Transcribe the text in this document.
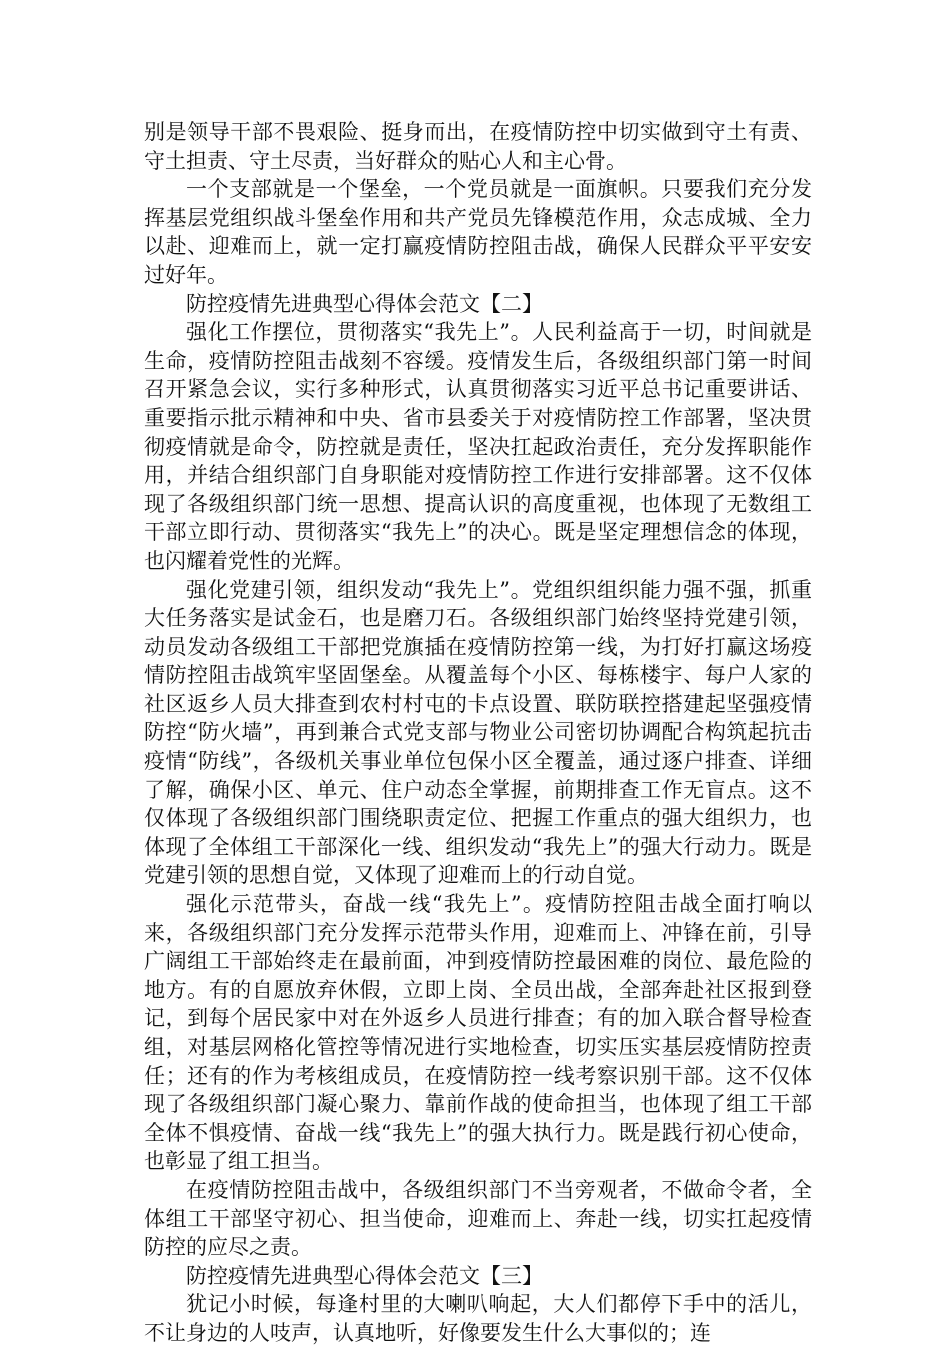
别是领导干部不畏艰险、挺身而出，在疫情防控中切实做到守土有责、守土担责、守土尽责，当好群众的贴心人和主心骨。

一个支部就是一个堡垒，一个党员就是一面旗帜。只要我们充分发挥基层党组织战斗堡垒作用和共产党员先锋模范作用，众志成城、全力以赴、迎难而上，就一定打赢疫情防控阻击战，确保人民群众平平安安过好年。

防控疫情先进典型心得体会范文【二】

强化工作摆位，贯彻落实“我先上”。人民利益高于一切，时间就是生命，疫情防控阻击战刻不容缓。疫情发生后，各级组织部门第一时间召开紧急会议，实行多种形式，认真贯彻落实习近平总书记重要讲话、重要指示批示精神和中央、省市县委关于对疫情防控工作部署，坚决贯彻疫情就是命令，防控就是责任，坚决扛起政治责任，充分发挥职能作用，并结合组织部门自身职能对疫情防控工作进行安排部署。这不仅体现了各级组织部门统一思想、提高认识的高度重视，也体现了无数组工干部立即行动、贯彻落实“我先上”的决心。既是坚定理想信念的体现，也闪耀着党性的光辉。

强化党建引领，组织发动“我先上”。党组织组织能力强不强，抓重大任务落实是试金石，也是磨刀石。各级组织部门始终坚持党建引领，动员发动各级组工干部把党旗插在疫情防控第一线，为打好打赢这场疫情防控阻击战筑牢坚固堡垒。从覆盖每个小区、每栋楼宇、每户人家的社区返乡人员大排查到农村村屯的卡点设置、联防联控搭建起坚强疫情防控“防火墙”，再到兼合式党支部与物业公司密切协调配合构筑起抗击疫情“防线”，各级机关事业单位包保小区全覆盖，通过逐户排查、详细了解，确保小区、单元、住户动态全掌握，前期排查工作无盲点。这不仅体现了各级组织部门围绕职责定位、把握工作重点的强大组织力，也体现了全体组工干部深化一线、组织发动“我先上”的强大行动力。既是党建引领的思想自觉，又体现了迎难而上的行动自觉。

强化示范带头，奋战一线“我先上”。疫情防控阻击战全面打响以来，各级组织部门充分发挥示范带头作用，迎难而上、冲锋在前，引导广阔组工干部始终走在最前面，冲到疫情防控最困难的岗位、最危险的地方。有的自愿放弃休假，立即上岗、全员出战，全部奔赴社区报到登记，到每个居民家中对在外返乡人员进行排查；有的加入联合督导检查组，对基层网格化管控等情况进行实地检查，切实压实基层疫情防控责任；还有的作为考核组成员，在疫情防控一线考察识别干部。这不仅体现了各级组织部门凝心聚力、靠前作战的使命担当，也体现了组工干部全体不惧疫情、奋战一线“我先上”的强大执行力。既是践行初心使命，也彰显了组工担当。

在疫情防控阻击战中，各级组织部门不当旁观者，不做命令者，全体组工干部坚守初心、担当使命，迎难而上、奔赴一线，切实扛起疫情防控的应尽之责。

防控疫情先进典型心得体会范文【三】

犹记小时候，每逢村里的大喇叭响起，大人们都停下手中的活儿，不让身边的人吱声，认真地听，好像要发生什么大事似的；连
